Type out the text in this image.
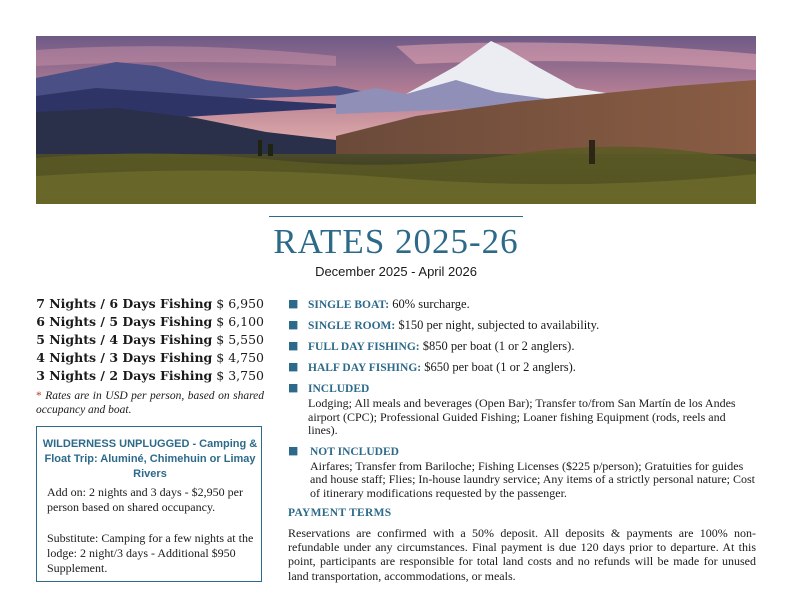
RATES 2025-26
December 2025 - April 2026
7 Nights / 6 Days Fishing $ 6,950
6 Nights / 5 Days Fishing $ 6,100
5 Nights / 4 Days Fishing $ 5,550
4 Nights / 3 Days Fishing $ 4,750
3 Nights / 2 Days Fishing $ 3,750
* Rates are in USD per person, based on shared occupancy and boat.
WILDERNESS UNPLUGGED - Camping & Float Trip: Aluminé, Chimehuin or Limay Rivers
Add on: 2 nights and 3 days - $2,950 per person based on shared occupancy.
Substitute: Camping for a few nights at the lodge: 2 night/3 days - Additional $950 Supplement.
■ SINGLE BOAT: 60% surcharge.
■ SINGLE ROOM: $150 per night, subjected to availability.
■ FULL DAY FISHING: $850 per boat (1 or 2 anglers).
■ HALF DAY FISHING: $650 per boat (1 or 2 anglers).
■ INCLUDED
Lodging; All meals and beverages (Open Bar); Transfer to/from San Martín de los Andes airport (CPC); Professional Guided Fishing; Loaner fishing Equipment (rods, reels and lines).
■ NOT INCLUDED
Airfares; Transfer from Bariloche; Fishing Licenses ($225 p/person); Gratuities for guides and house staff; Flies; In-house laundry service; Any items of a strictly personal nature; Cost of itinerary modifications requested by the passenger.
PAYMENT TERMS
Reservations are confirmed with a 50% deposit. All deposits & payments are 100% non-refundable under any circumstances. Final payment is due 120 days prior to departure. At this point, participants are responsible for total land costs and no refunds will be made for unused land transportation, accommodations, or meals.
